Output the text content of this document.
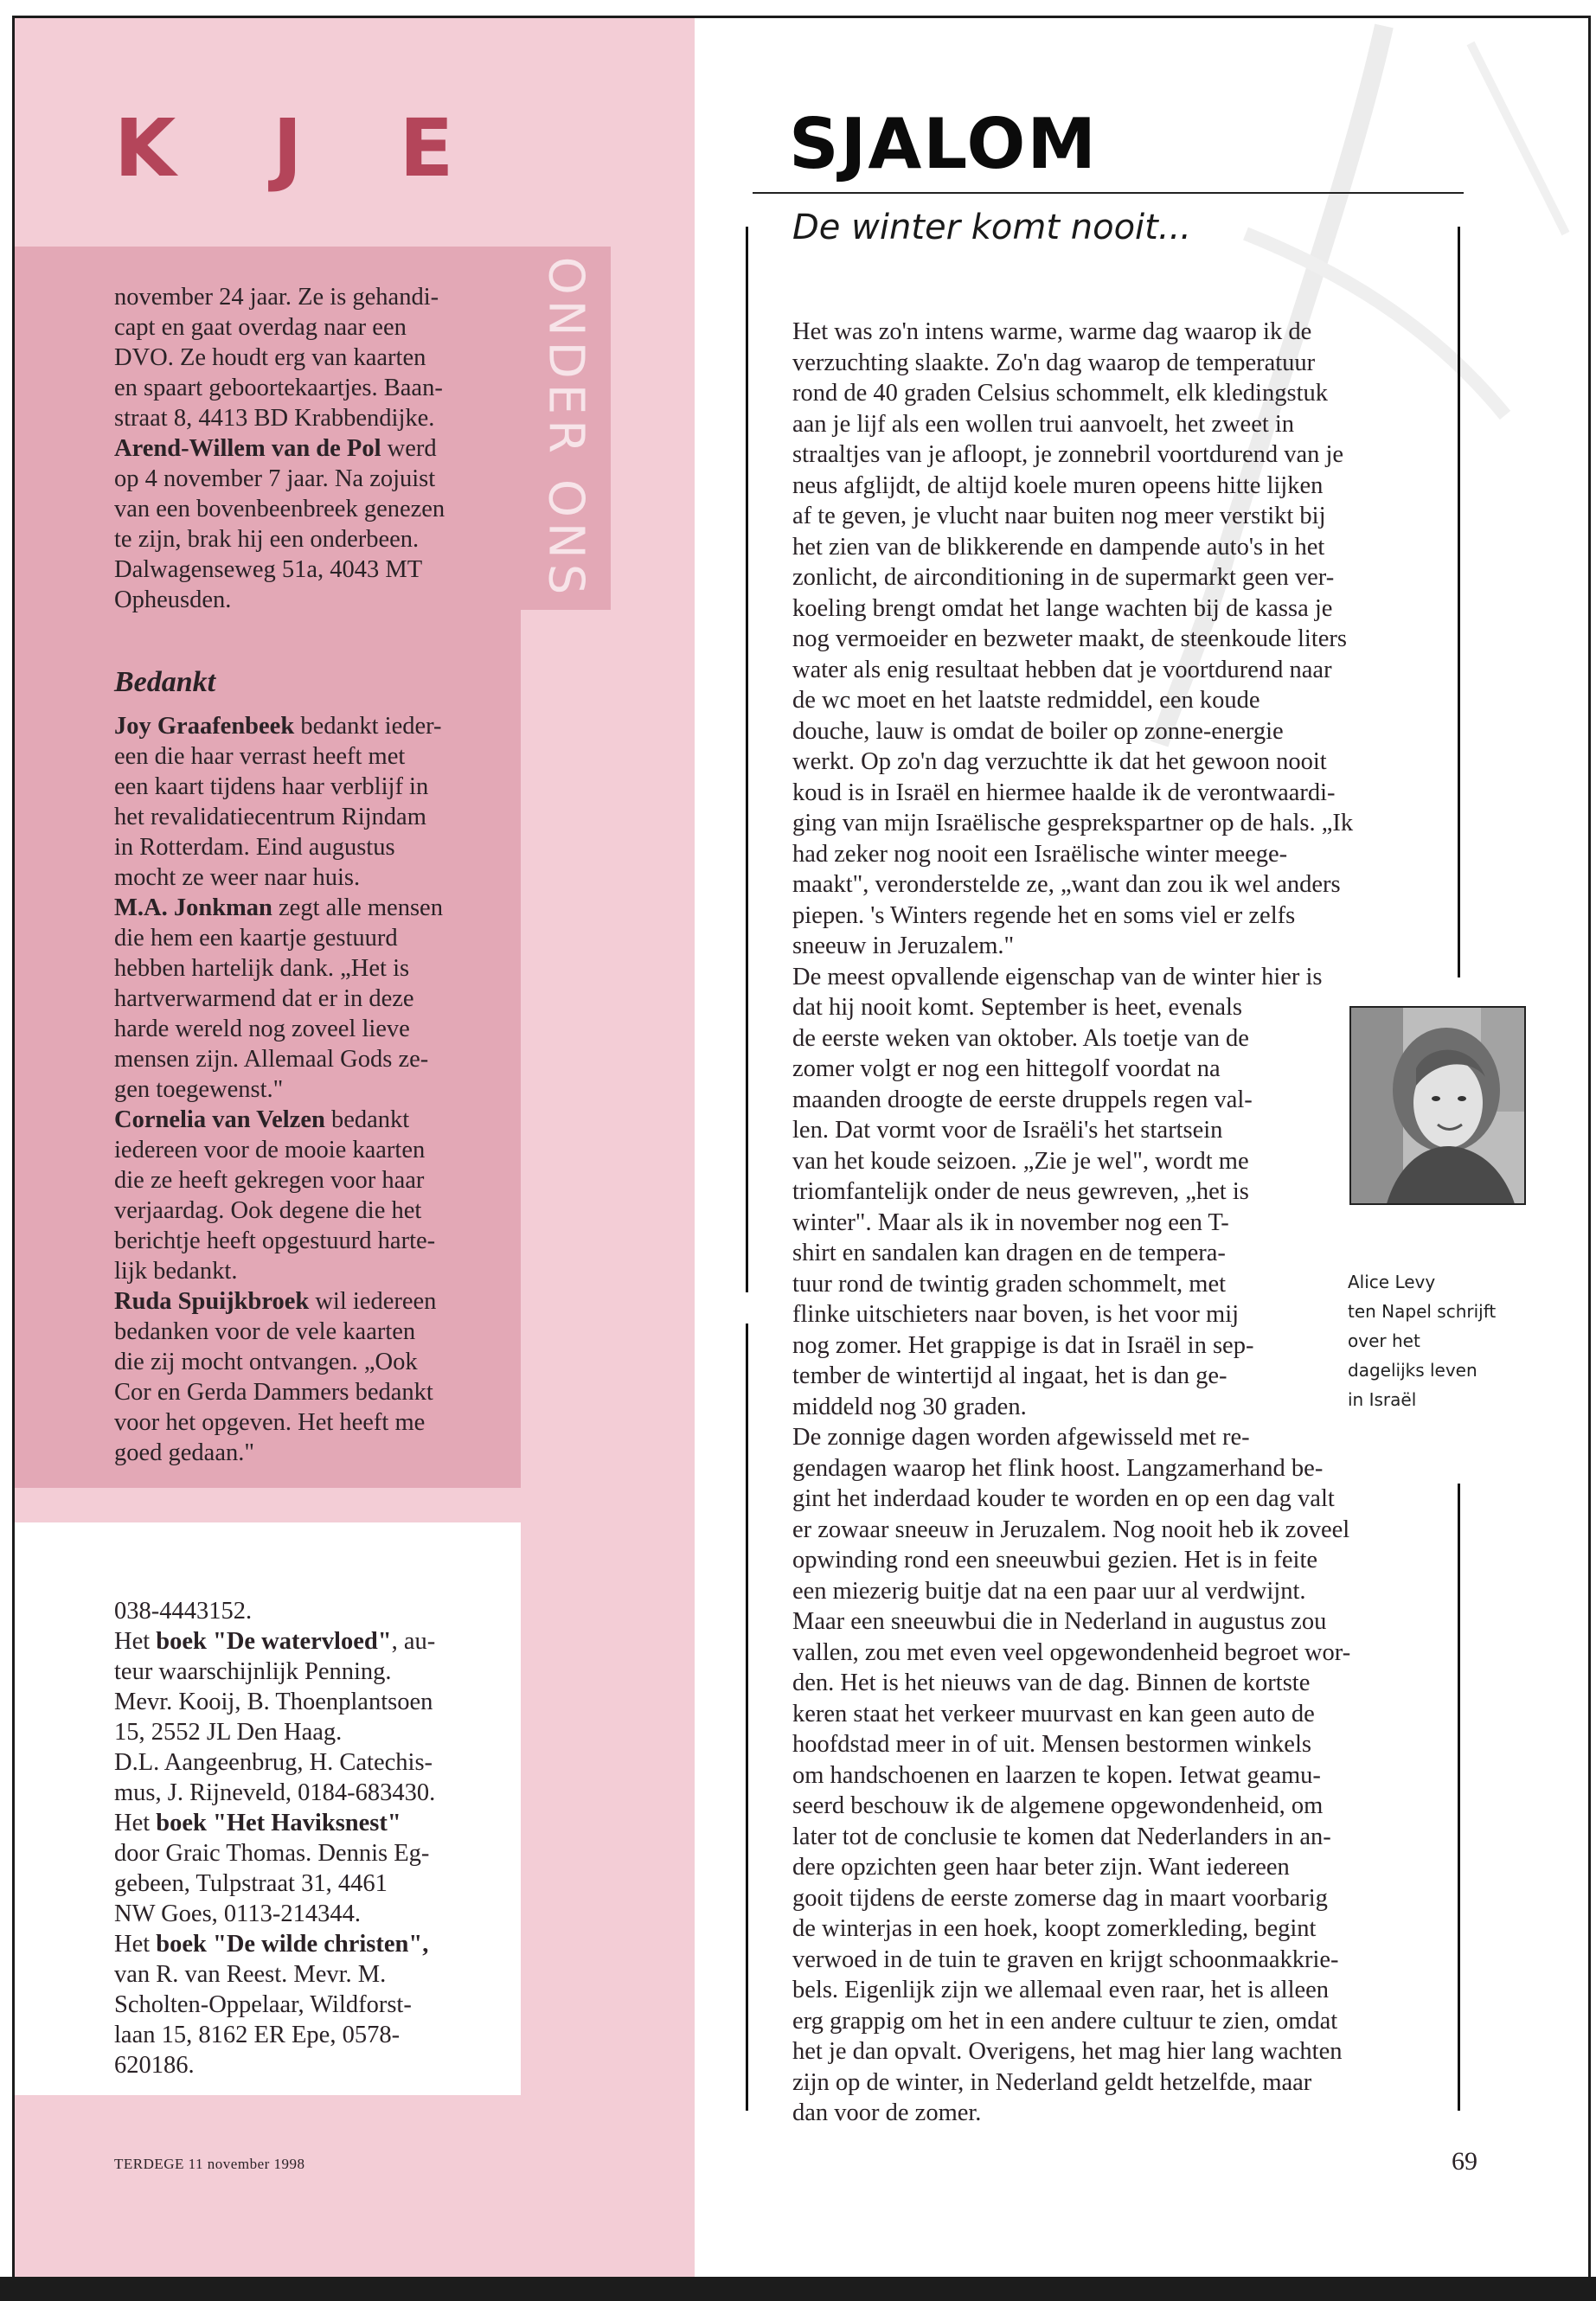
K J E
ONDER ONS

november 24 jaar. Ze is gehandi-

capt en gaat overdag naar een

DVO. Ze houdt erg van kaarten

en spaart geboortekaartjes. Baan-

straat 8, 4413 BD Krabbendijke.

Arend-Willem van de Pol werd

op 4 november 7 jaar. Na zojuist

van een bovenbeenbreek genezen

te zijn, brak hij een onderbeen.

Dalwagenseweg 51a, 4043 MT

Opheusden.

Bedankt

Joy Graafenbeek bedankt ieder-

een die haar verrast heeft met

een kaart tijdens haar verblijf in

het revalidatiecentrum Rijndam

in Rotterdam. Eind augustus

mocht ze weer naar huis.

M.A. Jonkman zegt alle mensen

die hem een kaartje gestuurd

hebben hartelijk dank. „Het is

hartverwarmend dat er in deze

harde wereld nog zoveel lieve

mensen zijn. Allemaal Gods ze-

gen toegewenst."

Cornelia van Velzen bedankt

iedereen voor de mooie kaarten

die ze heeft gekregen voor haar

verjaardag. Ook degene die het

berichtje heeft opgestuurd harte-

lijk bedankt.

Ruda Spuijkbroek wil iedereen

bedanken voor de vele kaarten

die zij mocht ontvangen. „Ook

Cor en Gerda Dammers bedankt

voor het opgeven. Het heeft me

goed gedaan."

038-4443152.

Het boek "De watervloed", au-

teur waarschijnlijk Penning.

Mevr. Kooij, B. Thoenplantsoen

15, 2552 JL Den Haag.

D.L. Aangeenbrug, H. Catechis-

mus, J. Rijneveld, 0184-683430.

Het boek "Het Haviksnest"

door Graic Thomas. Dennis Eg-

gebeen, Tulpstraat 31, 4461

NW Goes, 0113-214344.

Het boek "De wilde christen",

van R. van Reest. Mevr. M.

Scholten-Oppelaar, Wildforst-

laan 15, 8162 ER Epe, 0578-

620186.

TERDEGE 11 november 1998
SJALOM
De winter komt nooit...

Het was zo'n intens warme, warme dag waarop ik de

verzuchting slaakte. Zo'n dag waarop de temperatuur

rond de 40 graden Celsius schommelt, elk kledingstuk

aan je lijf als een wollen trui aanvoelt, het zweet in

straaltjes van je afloopt, je zonnebril voortdurend van je

neus afglijdt, de altijd koele muren opeens hitte lijken

af te geven, je vlucht naar buiten nog meer verstikt bij

het zien van de blikkerende en dampende auto's in het

zonlicht, de airconditioning in de supermarkt geen ver-

koeling brengt omdat het lange wachten bij de kassa je

nog vermoeider en bezweter maakt, de steenkoude liters

water als enig resultaat hebben dat je voortdurend naar

de wc moet en het laatste redmiddel, een koude

douche, lauw is omdat de boiler op zonne-energie

werkt. Op zo'n dag verzuchtte ik dat het gewoon nooit

koud is in Israël en hiermee haalde ik de verontwaardi-

ging van mijn Israëlische gesprekspartner op de hals. „Ik

had zeker nog nooit een Israëlische winter meege-

maakt", veronderstelde ze, „want dan zou ik wel anders

piepen. 's Winters regende het en soms viel er zelfs

sneeuw in Jeruzalem."

De meest opvallende eigenschap van de winter hier is

dat hij nooit komt. September is heet, evenals

de eerste weken van oktober. Als toetje van de

zomer volgt er nog een hittegolf voordat na

maanden droogte de eerste druppels regen val-

len. Dat vormt voor de Israëli's het startsein

van het koude seizoen. „Zie je wel", wordt me

triomfantelijk onder de neus gewreven, „het is

winter". Maar als ik in november nog een T-

shirt en sandalen kan dragen en de tempera-

tuur rond de twintig graden schommelt, met

flinke uitschieters naar boven, is het voor mij

nog zomer. Het grappige is dat in Israël in sep-

tember de wintertijd al ingaat, het is dan ge-

middeld nog 30 graden.

De zonnige dagen worden afgewisseld met re-

gendagen waarop het flink hoost. Langzamerhand be-

gint het inderdaad kouder te worden en op een dag valt

er zowaar sneeuw in Jeruzalem. Nog nooit heb ik zoveel

opwinding rond een sneeuwbui gezien. Het is in feite

een miezerig buitje dat na een paar uur al verdwijnt.

Maar een sneeuwbui die in Nederland in augustus zou

vallen, zou met even veel opgewondenheid begroet wor-

den. Het is het nieuws van de dag. Binnen de kortste

keren staat het verkeer muurvast en kan geen auto de

hoofdstad meer in of uit. Mensen bestormen winkels

om handschoenen en laarzen te kopen. Ietwat geamu-

seerd beschouw ik de algemene opgewondenheid, om

later tot de conclusie te komen dat Nederlanders in an-

dere opzichten geen haar beter zijn. Want iedereen

gooit tijdens de eerste zomerse dag in maart voorbarig

de winterjas in een hoek, koopt zomerkleding, begint

verwoed in de tuin te graven en krijgt schoonmaakkrie-

bels. Eigenlijk zijn we allemaal even raar, het is alleen

erg grappig om het in een andere cultuur te zien, omdat

het je dan opvalt. Overigens, het mag hier lang wachten

zijn op de winter, in Nederland geldt hetzelfde, maar

dan voor de zomer.

Alice Levy
ten Napel schrijft
over het
dagelijks leven
in Israël
69
